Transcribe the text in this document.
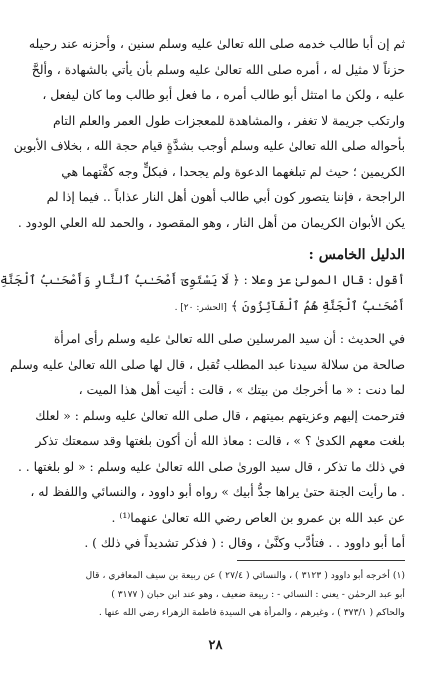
ثم إن أبا طالب خدمه صلى الله تعالىٰ عليه وسلم سنين ، وأحزنه عند رحيله
حزناً لا مثيل له ، أمره صلى الله تعالىٰ عليه وسلم بأن يأتي بالشهادة ، وألحَّ
عليه ، ولكن ما امتثل أبو طالب أمره ، ما فعل أبو طالب وما كان ليفعل ،
وارتكب جريمة لا تغفر ، والمشاهدة للمعجزات طول العمر والعلم التام
بأحواله صلى الله تعالىٰ عليه وسلم أوجب بشدَّةٍ قيام حجة الله ، بخلاف الأبوين
الكريمين ؛ حيث لم تبلغهما الدعوة ولم يجحدا ، فبكلٍّ وجه كفَّتهما هي
الراجحة ، فإننا يتصور كون أبي طالب أهون أهل النار عذاباً .. فيما إذا لم
يكن الأبوان الكريمان من أهل النار ، وهو المقصود ، والحمد لله العلي الودود .

الدليل الخامس :

أقول : قال المولىٰ عز وعلا : ﴿ لَا يَسْتَوِىٓ أَصْحَـٰبُ ٱلنَّارِ وَأَصْحَـٰبُ ٱلْجَنَّةِ
أَصْحَـٰبُ ٱلْجَنَّةِ هُمُ ٱلْفَآئِزُونَ ﴾ [الحشر: ٢٠] .

في الحديث : أن سيد المرسلين صلى الله تعالىٰ عليه وسلم رأى امرأة
صالحة من سلالة سيدنا عبد المطلب تُقبل ، قال لها صلى الله تعالىٰ عليه وسلم
لما دنت : « ما أخرجك من بيتك » ، قالت : أتيت أهل هذا الميت ،
فترحمت إليهم وعزيتهم بميتهم ، قال صلى الله تعالىٰ عليه وسلم : « لعلك
بلغت معهم الكدىٰ ؟ » ، قالت : معاذ الله أن أكون بلغتها وقد سمعتك تذكر
في ذلك ما تذكر ، قال سيد الورىٰ صلى الله تعالىٰ عليه وسلم : « لو بلغتها . .
. ما رأيت الجنة حتىٰ يراها جدُّ أبيك » رواه أبو داوود ، والنسائي واللفظ له ،
عن عبد الله بن عمرو بن العاص رضي الله تعالىٰ عنهما⁽¹⁾ .

أما أبو داوود . . فتأدَّب وكنَّىٰ ، وقال : ( فذكر تشديداً في ذلك ) .

(١) أخرجه أبو داوود ( ٣١٢٣ ) ، والنسائي ( ٢٧/٤ ) عن ربيعة بن سيف المعافري ، قال
أبو عبد الرحمٰن - يعني : النسائي - : ربيعة ضعيف ، وهو عند ابن حبان ( ٣١٧٧ )
والحاكم ( ٣٧٣/١ ) ، وغيرهم ، والمرأة هي السيدة فاطمة الزهراء رضي الله عنها .
٢٨
